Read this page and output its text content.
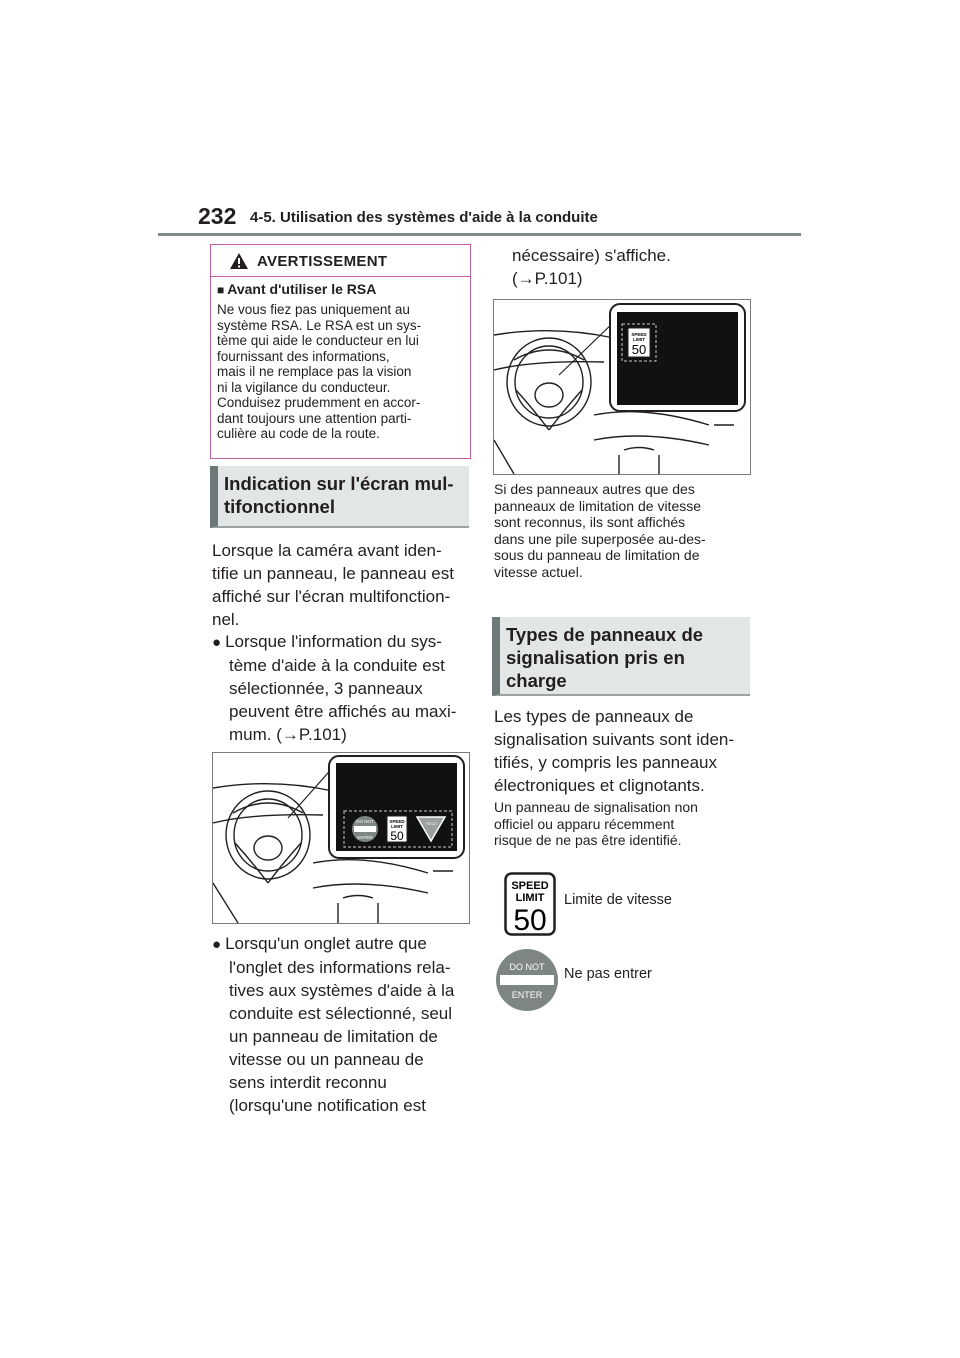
232 4-5. Utilisation des systèmes d'aide à la conduite
AVERTISSEMENT
■ Avant d'utiliser le RSA
Ne vous fiez pas uniquement au
système RSA. Le RSA est un sys-
tème qui aide le conducteur en lui
fournissant des informations,
mais il ne remplace pas la vision
ni la vigilance du conducteur.
Conduisez prudemment en accor-
dant toujours une attention parti-
culière au code de la route.
Indication sur l'écran mul-
tifonctionnel
Lorsque la caméra avant iden-
tifie un panneau, le panneau est
affiché sur l'écran multifonction-
nel.
● Lorsque l'information du sys-
tème d'aide à la conduite est
sélectionnée, 3 panneaux
peuvent être affichés au maxi-
mum. (→P.101)
DO NOT
ENTER
SPEED
LIMIT
50
YIELD
● Lorsqu'un onglet autre que
l'onglet des informations rela-
tives aux systèmes d'aide à la
conduite est sélectionné, seul
un panneau de limitation de
vitesse ou un panneau de
sens interdit reconnu
(lorsqu'une notification est
nécessaire) s'affiche.
(→P.101)
SPEED
LIMIT
50
Si des panneaux autres que des
panneaux de limitation de vitesse
sont reconnus, ils sont affichés
dans une pile superposée au-des-
sous du panneau de limitation de
vitesse actuel.
Types de panneaux de
signalisation pris en
charge
Les types de panneaux de
signalisation suivants sont iden-
tifiés, y compris les panneaux
électroniques et clignotants.
Un panneau de signalisation non
officiel ou apparu récemment
risque de ne pas être identifié.
SPEED
LIMIT
50
Limite de vitesse
DO NOT
ENTER
Ne pas entrer
